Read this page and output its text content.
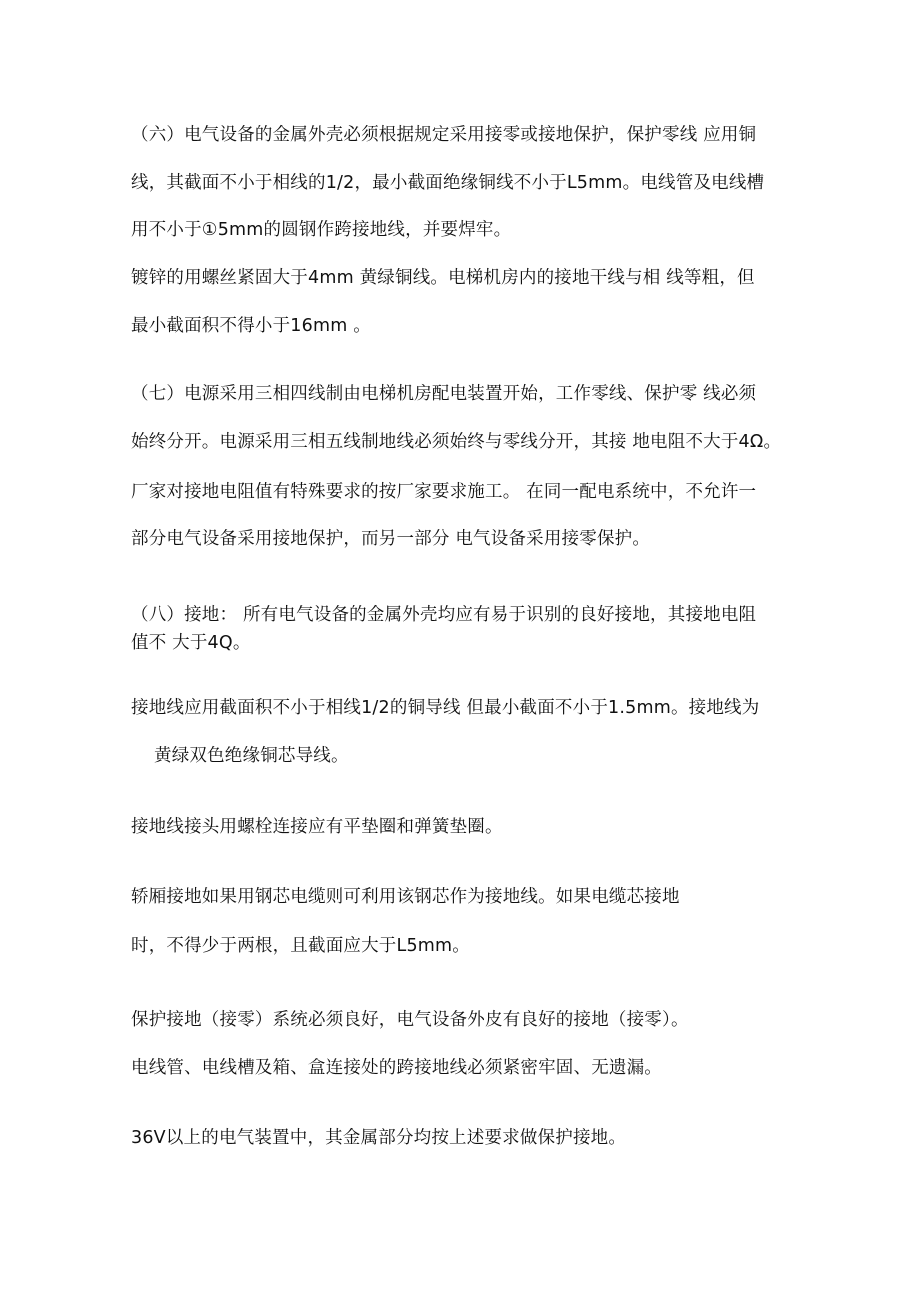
（六）电气设备的金属外壳必须根据规定采用接零或接地保护，保护零线 应用铜
线，其截面不小于相线的1/2，最小截面绝缘铜线不小于L5mm。电线管及电线槽
用不小于①5mm的圆钢作跨接地线，并要焊牢。
镀锌的用螺丝紧固大于4mm 黄绿铜线。电梯机房内的接地干线与相 线等粗，但
最小截面积不得小于16mm 。
（七）电源采用三相四线制由电梯机房配电装置开始，工作零线、保护零 线必须
始终分开。电源采用三相五线制地线必须始终与零线分开，其接 地电阻不大于4Ω。
厂家对接地电阻值有特殊要求的按厂家要求施工。 在同一配电系统中，不允许一
部分电气设备采用接地保护，而另一部分 电气设备采用接零保护。
（八）接地： 所有电气设备的金属外壳均应有易于识别的良好接地，其接地电阻
值不 大于4Q。
接地线应用截面积不小于相线1/2的铜导线 但最小截面不小于1.5mm。接地线为
黄绿双色绝缘铜芯导线。
接地线接头用螺栓连接应有平垫圈和弹簧垫圈。
轿厢接地如果用钢芯电缆则可利用该钢芯作为接地线。如果电缆芯接地
时，不得少于两根，且截面应大于L5mm。
保护接地（接零）系统必须良好，电气设备外皮有良好的接地（接零）。
电线管、电线槽及箱、盒连接处的跨接地线必须紧密牢固、无遗漏。
36V以上的电气装置中，其金属部分均按上述要求做保护接地。
